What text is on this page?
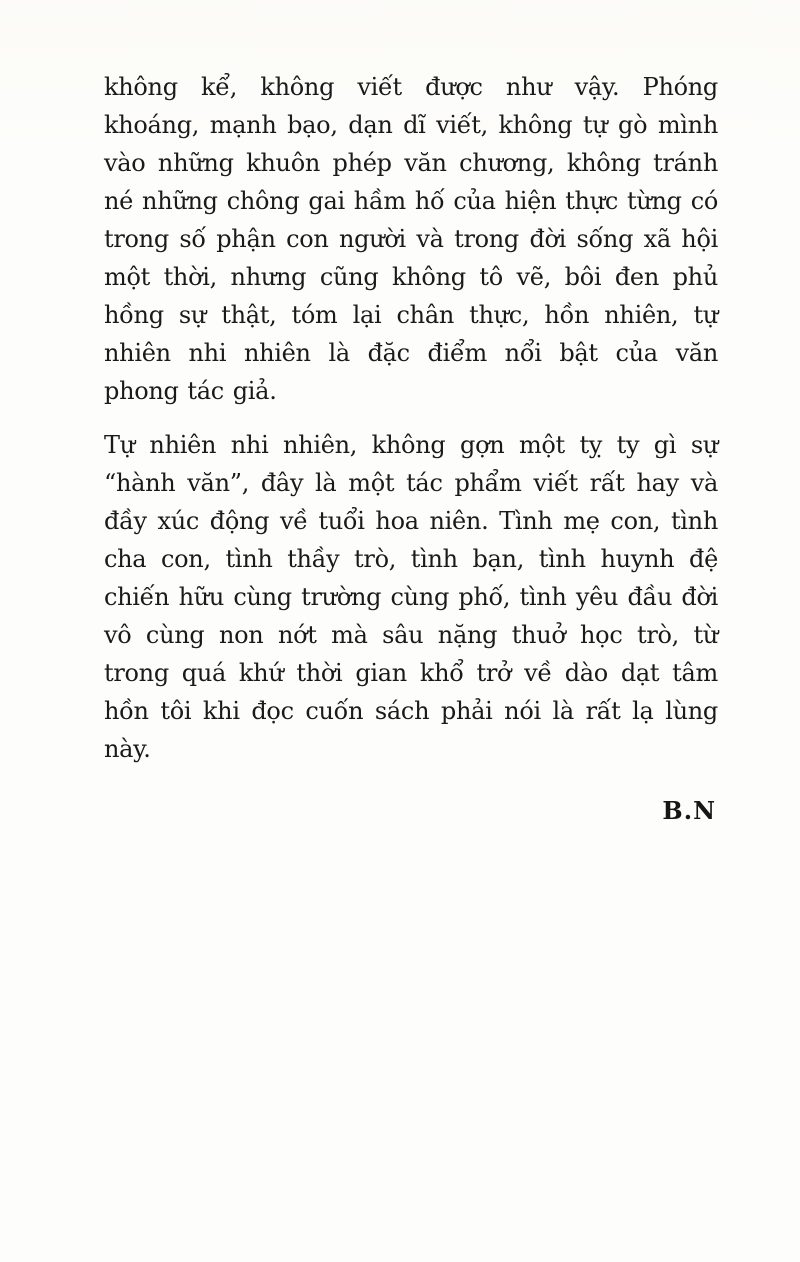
không kể, không viết được như vậy. Phóng khoáng, mạnh bạo, dạn dĩ viết, không tự gò mình vào những khuôn phép văn chương, không tránh né những chông gai hầm hố của hiện thực từng có trong số phận con người và trong đời sống xã hội một thời, nhưng cũng không tô vẽ, bôi đen phủ hồng sự thật, tóm lại chân thực, hồn nhiên, tự nhiên nhi nhiên là đặc điểm nổi bật của văn phong tác giả.

Tự nhiên nhi nhiên, không gợn một tỵ ty gì sự “hành văn”, đây là một tác phẩm viết rất hay và đầy xúc động về tuổi hoa niên. Tình mẹ con, tình cha con, tình thầy trò, tình bạn, tình huynh đệ chiến hữu cùng trường cùng phố, tình yêu đầu đời vô cùng non nớt mà sâu nặng thuở học trò, từ trong quá khứ thời gian khổ trở về dào dạt tâm hồn tôi khi đọc cuốn sách phải nói là rất lạ lùng này.

B.N
